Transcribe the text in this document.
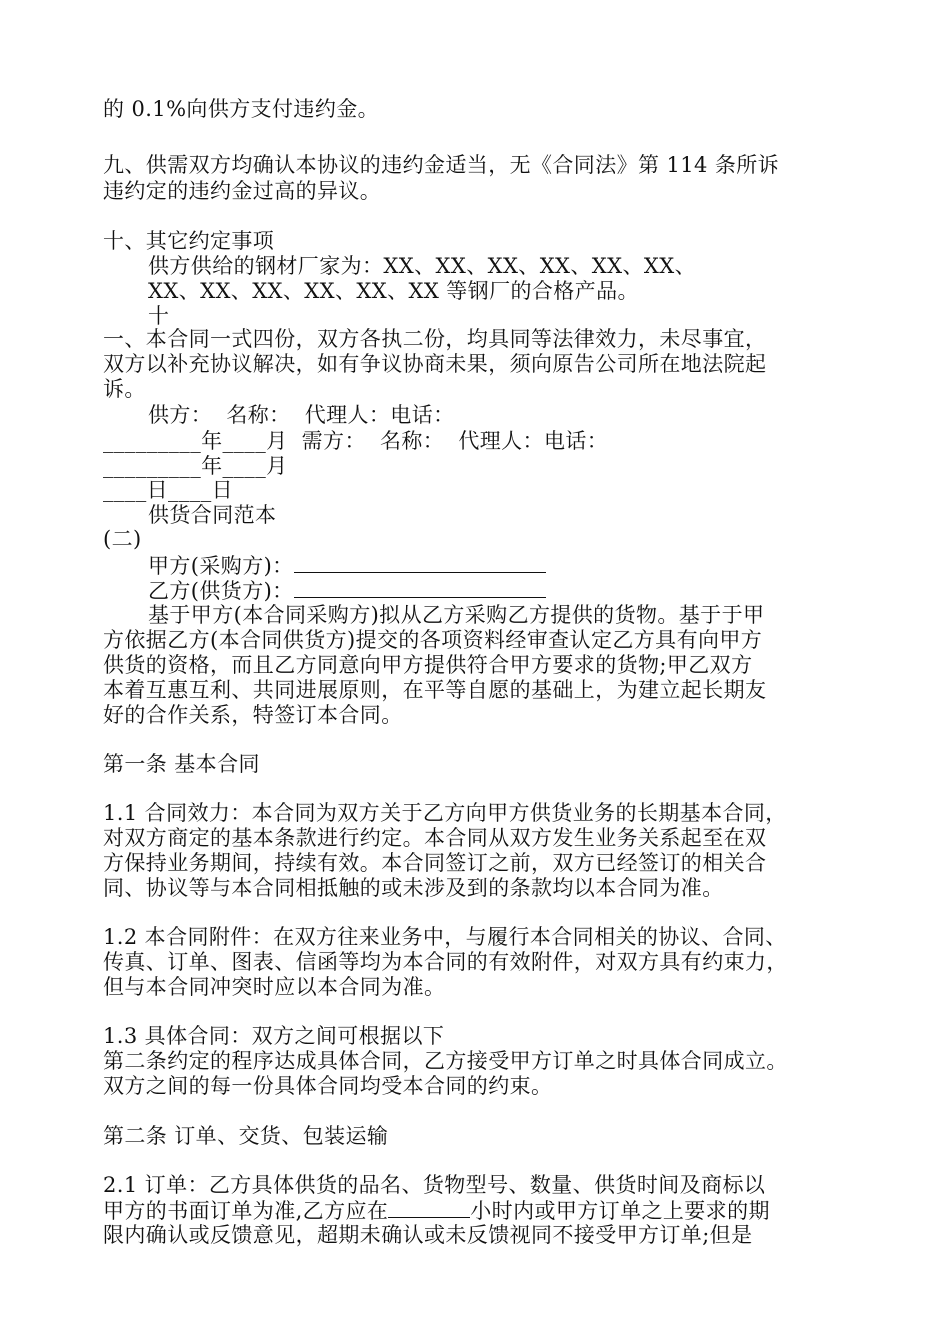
的 0.1%向供方支付违约金。

九、供需双方均确认本协议的违约金适当，无《合同法》第 114 条所诉

违约定的违约金过高的异议。

十、其它约定事项

供方供给的钢材厂家为：XX、XX、XX、XX、XX、XX、

XX、XX、XX、XX、XX、XX 等钢厂的合格产品。

十

一、本合同一式四份，双方各执二份，均具同等法律效力，未尽事宜，

双方以补充协议解决，如有争议协商未果，须向原告公司所在地法院起

诉。

供方：  名称：  代理人：电话：

_________年____月  需方：  名称：  代理人：电话：

_________年____月

____日____日

供货合同范本

(二)

甲方(采购方)：

乙方(供货方)：

基于甲方(本合同采购方)拟从乙方采购乙方提供的货物。基于于甲

方依据乙方(本合同供货方)提交的各项资料经审查认定乙方具有向甲方

供货的资格，而且乙方同意向甲方提供符合甲方要求的货物;甲乙双方

本着互惠互利、共同进展原则，在平等自愿的基础上，为建立起长期友

好的合作关系，特签订本合同。

第一条 基本合同

1.1 合同效力：本合同为双方关于乙方向甲方供货业务的长期基本合同，

对双方商定的基本条款进行约定。本合同从双方发生业务关系起至在双

方保持业务期间，持续有效。本合同签订之前，双方已经签订的相关合

同、协议等与本合同相抵触的或未涉及到的条款均以本合同为准。

1.2 本合同附件：在双方往来业务中，与履行本合同相关的协议、合同、

传真、订单、图表、信函等均为本合同的有效附件，对双方具有约束力，

但与本合同冲突时应以本合同为准。

1.3 具体合同：双方之间可根据以下

第二条约定的程序达成具体合同，乙方接受甲方订单之时具体合同成立。

双方之间的每一份具体合同均受本合同的约束。

第二条 订单、交货、包装运输

2.1 订单：乙方具体供货的品名、货物型号、数量、供货时间及商标以

甲方的书面订单为准,乙方应在	小时内或甲方订单之上要求的期

限内确认或反馈意见，超期未确认或未反馈视同不接受甲方订单;但是
